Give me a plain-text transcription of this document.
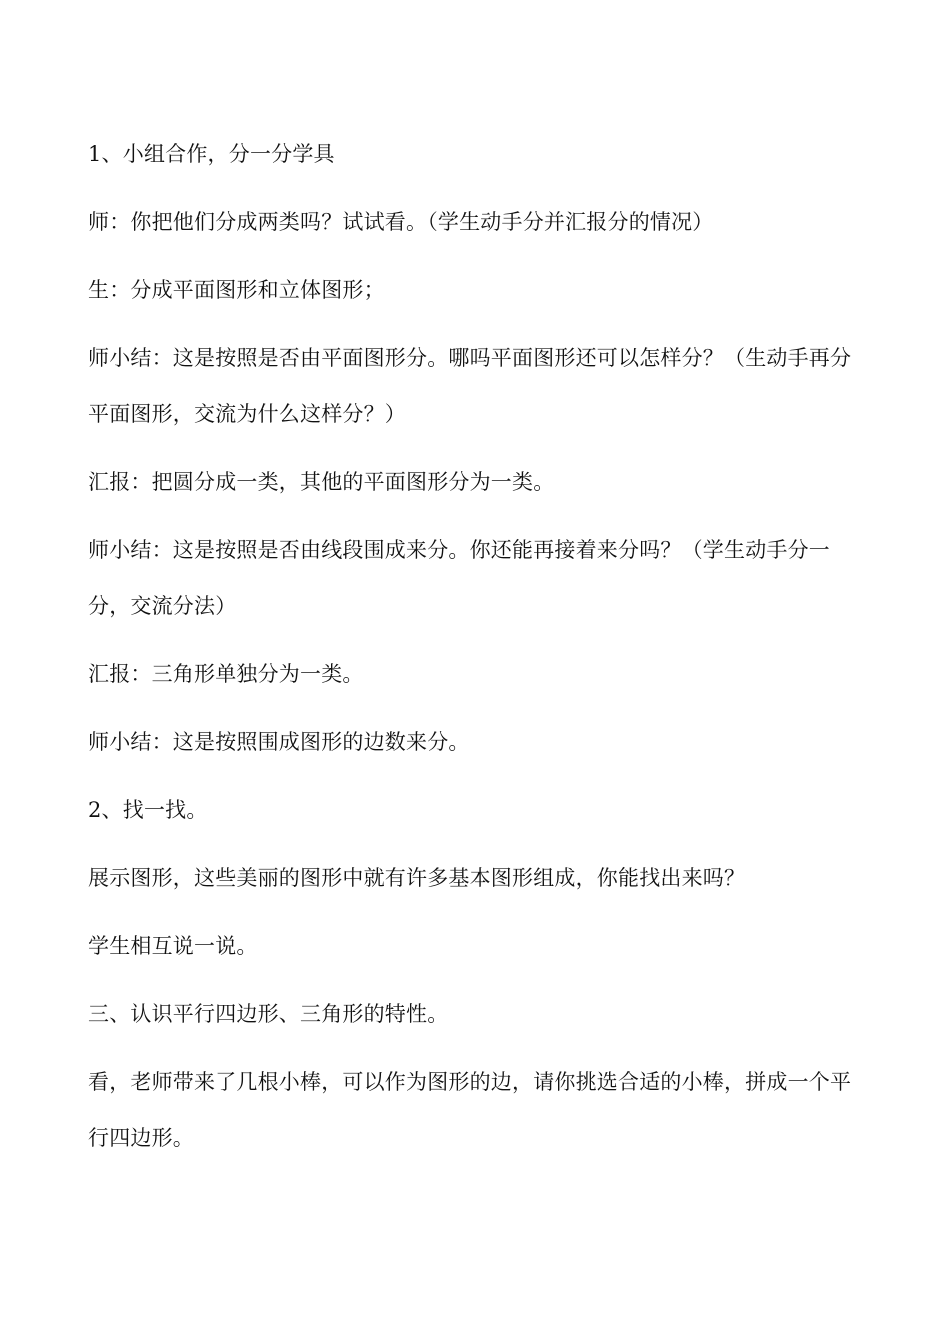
1、小组合作，分一分学具

师：你把他们分成两类吗？试试看。（学生动手分并汇报分的情况）

生：分成平面图形和立体图形；

师小结：这是按照是否由平面图形分。哪吗平面图形还可以怎样分？（生动手再分平面图形，交流为什么这样分？）

汇报：把圆分成一类，其他的平面图形分为一类。

师小结：这是按照是否由线段围成来分。你还能再接着来分吗？（学生动手分一分，交流分法）

汇报：三角形单独分为一类。

师小结：这是按照围成图形的边数来分。

2、找一找。

展示图形，这些美丽的图形中就有许多基本图形组成，你能找出来吗？

学生相互说一说。

三、认识平行四边形、三角形的特性。

看，老师带来了几根小棒，可以作为图形的边，请你挑选合适的小棒，拼成一个平行四边形。
